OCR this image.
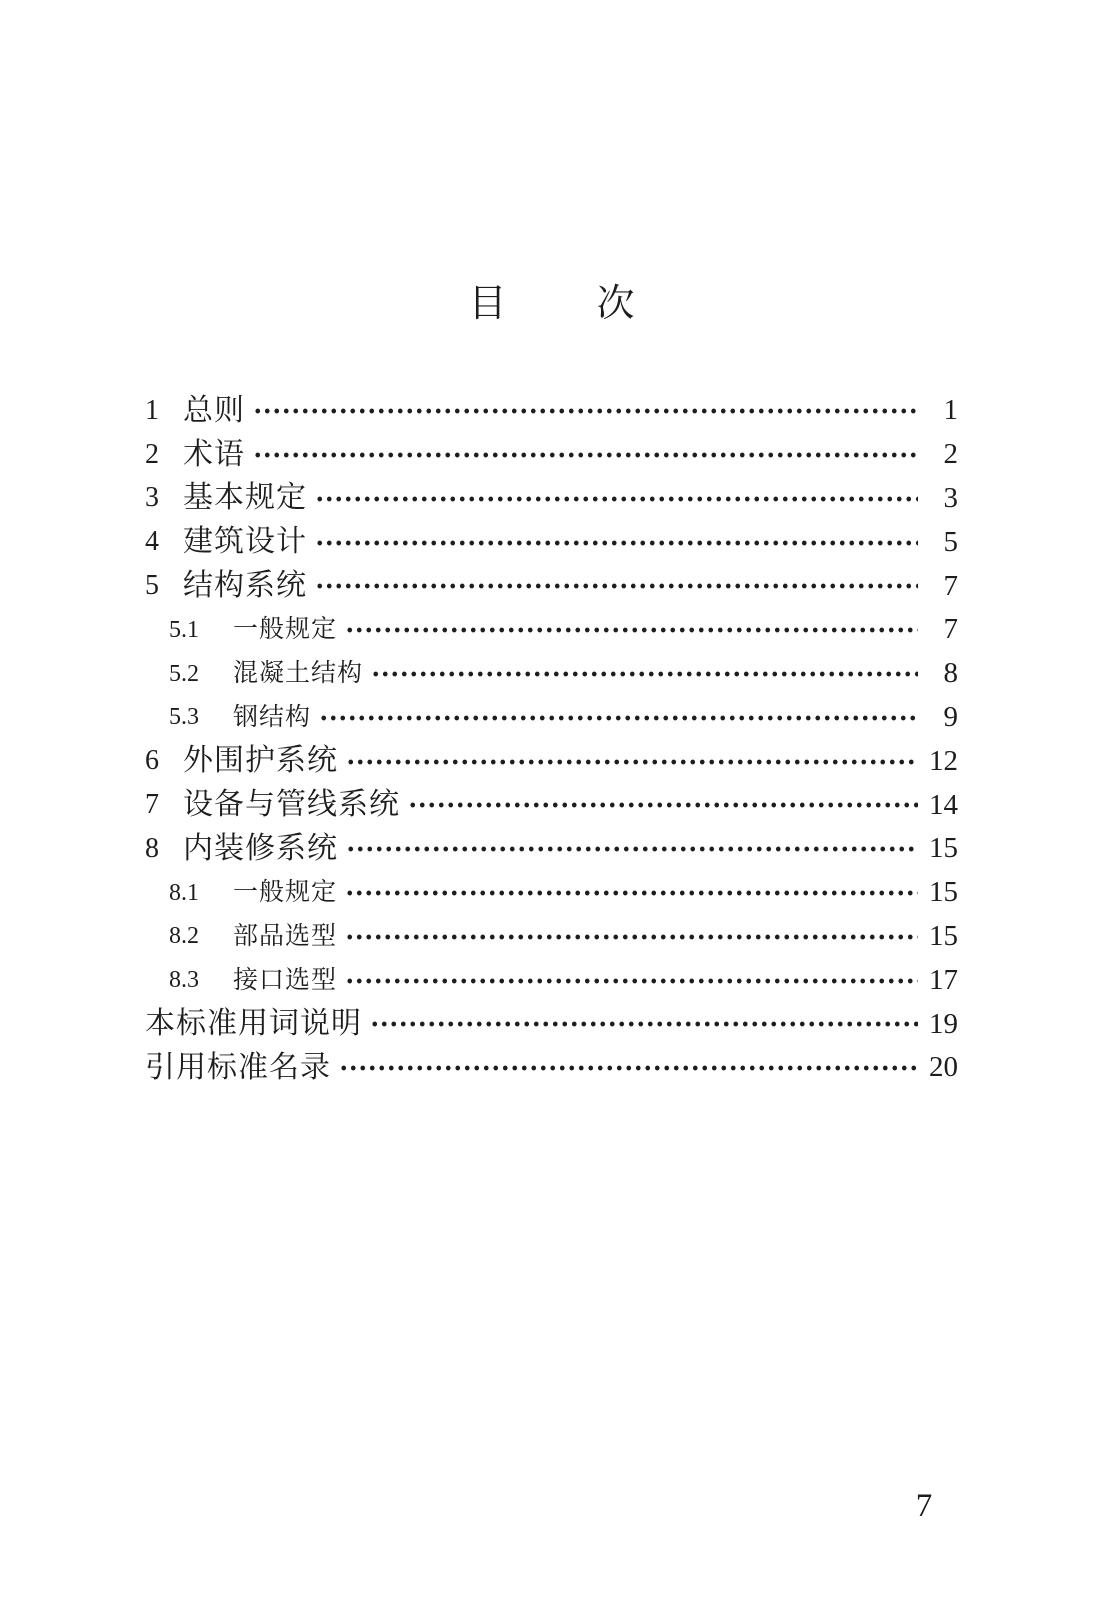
目 次
1 总则	1
2 术语	2
3 基本规定	3
4 建筑设计	5
5 结构系统	7
5.1	一般规定	7
5.2	混凝土结构	8
5.3	钢结构	9
6 外围护系统	12
7 设备与管线系统	14
8 内装修系统	15
8.1	一般规定	15
8.2	部品选型	15
8.3	接口选型	17
本标准用词说明	19
引用标准名录	20
7
